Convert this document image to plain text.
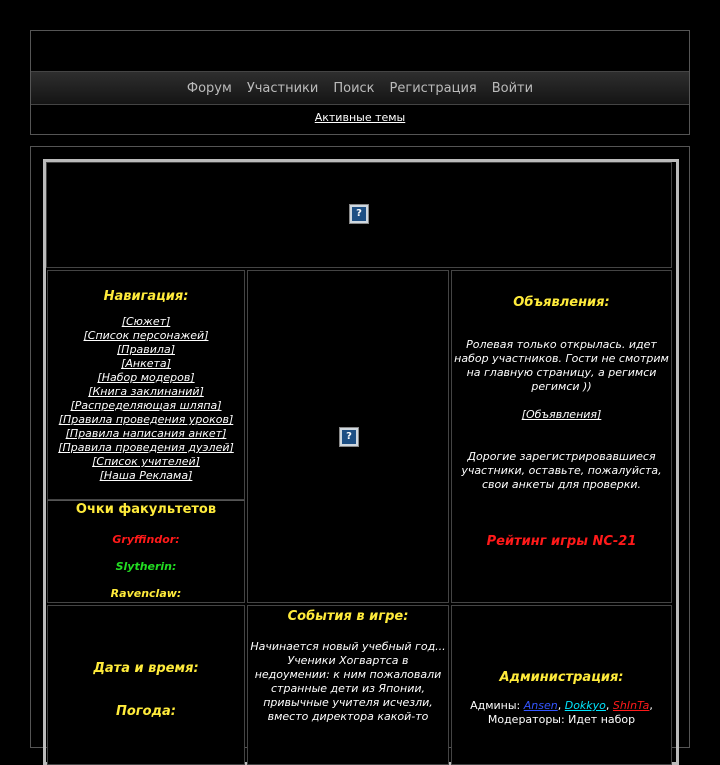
Форум Участники Поиск Регистрация Войти
Активные темы
?
Навигация:
[Сюжет]
[Список персонажей]
[Правила]
[Анкета]
[Набор модеров]
[Книга заклинаний]
[Распределяющая шляпа]
[Правила проведения уроков]
[Правила написания анкет]
[Правила проведения дуэлей]
[Список учителей]
[Наша Реклама]
Очки факультетов
Gryffindor:
Slytherin:
Ravenclaw:
?
Объявления:
Ролевая только открылась. идет набор участников. Гости не смотрим на главную страницу, а регимси регимси ))
[Объявления]
Дорогие зарегистрировавшиеся участники, оставьте, пожалуйста, свои анкеты для проверки.
Рейтинг игры NC-21
Дата и время:
Погода:
События в игре:
Начинается новый учебный год... Ученики Хогвартса в недоумении: к ним пожаловали странные дети из Японии, привычные учителя исчезли, вместо директора какой-то
Администрация:
Админы: Ansen, Dokkyo, ShInTa,
Модераторы: Идет набор
